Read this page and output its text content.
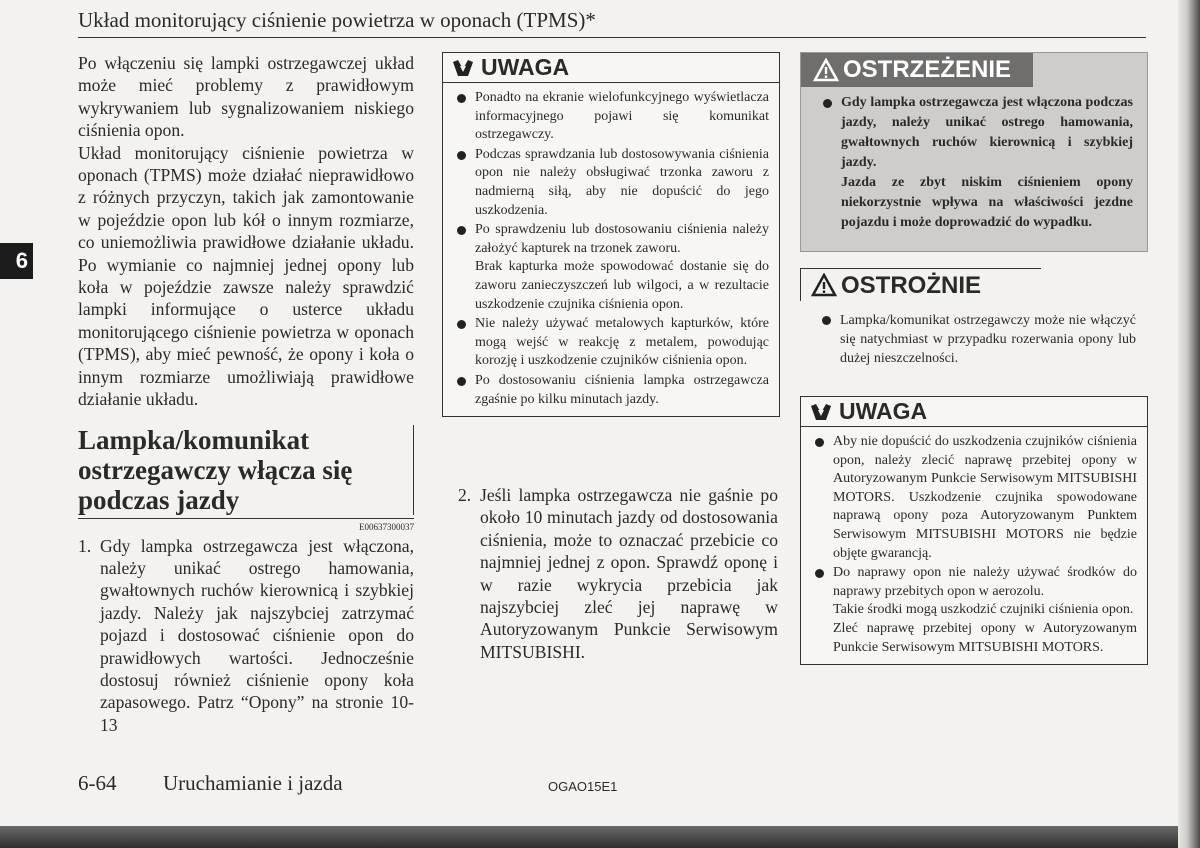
Układ monitorujący ciśnienie powietrza w oponach (TPMS)*
6

Po włączeniu się lampki ostrzegawczej układ może mieć problemy z prawidłowym wykrywaniem lub sygnalizowaniem niskiego ciśnienia opon.

Układ monitorujący ciśnienie powietrza w oponach (TPMS) może działać nieprawidłowo z różnych przyczyn, takich jak zamontowanie w pojeździe opon lub kół o innym rozmiarze, co uniemożliwia prawidłowe działanie układu. Po wymianie co najmniej jednej opony lub koła w pojeździe zawsze należy sprawdzić lampki informujące o usterce układu monitorującego ciśnienie powietrza w oponach (TPMS), aby mieć pewność, że opony i koła o innym rozmiarze umożliwiają prawidłowe działanie układu.

Lampka/komunikat ostrzegawczy włącza się podczas jazdy
E00637300037
1. Gdy lampka ostrzegawcza jest włączona, należy unikać ostrego hamowania, gwałtownych ruchów kierownicą i szybkiej jazdy. Należy jak najszybciej zatrzymać pojazd i dostosować ciśnienie opon do prawidłowych wartości. Jednocześnie dostosuj również ciśnienie opony koła zapasowego. Patrz “Opony” na stronie 10-13
UWAGA
Ponadto na ekranie wielofunkcyjnego wyświetlacza informacyjnego pojawi się komunikat ostrzegawczy.
Podczas sprawdzania lub dostosowywania ciśnienia opon nie należy obsługiwać trzonka zaworu z nadmierną siłą, aby nie dopuścić do jego uszkodzenia.
Po sprawdzeniu lub dostosowaniu ciśnienia należy założyć kapturek na trzonek zaworu.
Brak kapturka może spowodować dostanie się do zaworu zanieczyszczeń lub wilgoci, a w rezultacie uszkodzenie czujnika ciśnienia opon.
Nie należy używać metalowych kapturków, które mogą wejść w reakcję z metalem, powodując korozję i uszkodzenie czujników ciśnienia opon.
Po dostosowaniu ciśnienia lampka ostrzegawcza zgaśnie po kilku minutach jazdy.
2. Jeśli lampka ostrzegawcza nie gaśnie po około 10 minutach jazdy od dostosowania ciśnienia, może to oznaczać przebicie co najmniej jednej z opon. Sprawdź oponę i w razie wykrycia przebicia jak najszybciej zleć jej naprawę w Autoryzowanym Punkcie Serwisowym MITSUBISHI.
OSTRZEŻENIE
Gdy lampka ostrzegawcza jest włączona podczas jazdy, należy unikać ostrego hamowania, gwałtownych ruchów kierownicą i szybkiej jazdy.
Jazda ze zbyt niskim ciśnieniem opony niekorzystnie wpływa na właściwości jezdne pojazdu i może doprowadzić do wypadku.
OSTROŻNIE
Lampka/komunikat ostrzegawczy może nie włączyć się natychmiast w przypadku rozerwania opony lub dużej nieszczelności.
UWAGA
Aby nie dopuścić do uszkodzenia czujników ciśnienia opon, należy zlecić naprawę przebitej opony w Autoryzowanym Punkcie Serwisowym MITSUBISHI MOTORS. Uszkodzenie czujnika spowodowane naprawą opony poza Autoryzowanym Punktem Serwisowym MITSUBISHI MOTORS nie będzie objęte gwarancją.
Do naprawy opon nie należy używać środków do naprawy przebitych opon w aerozolu.
Takie środki mogą uszkodzić czujniki ciśnienia opon.
Zleć naprawę przebitej opony w Autoryzowanym Punkcie Serwisowym MITSUBISHI MOTORS.
6-64 Uruchamianie i jazda	OGAO15E1
